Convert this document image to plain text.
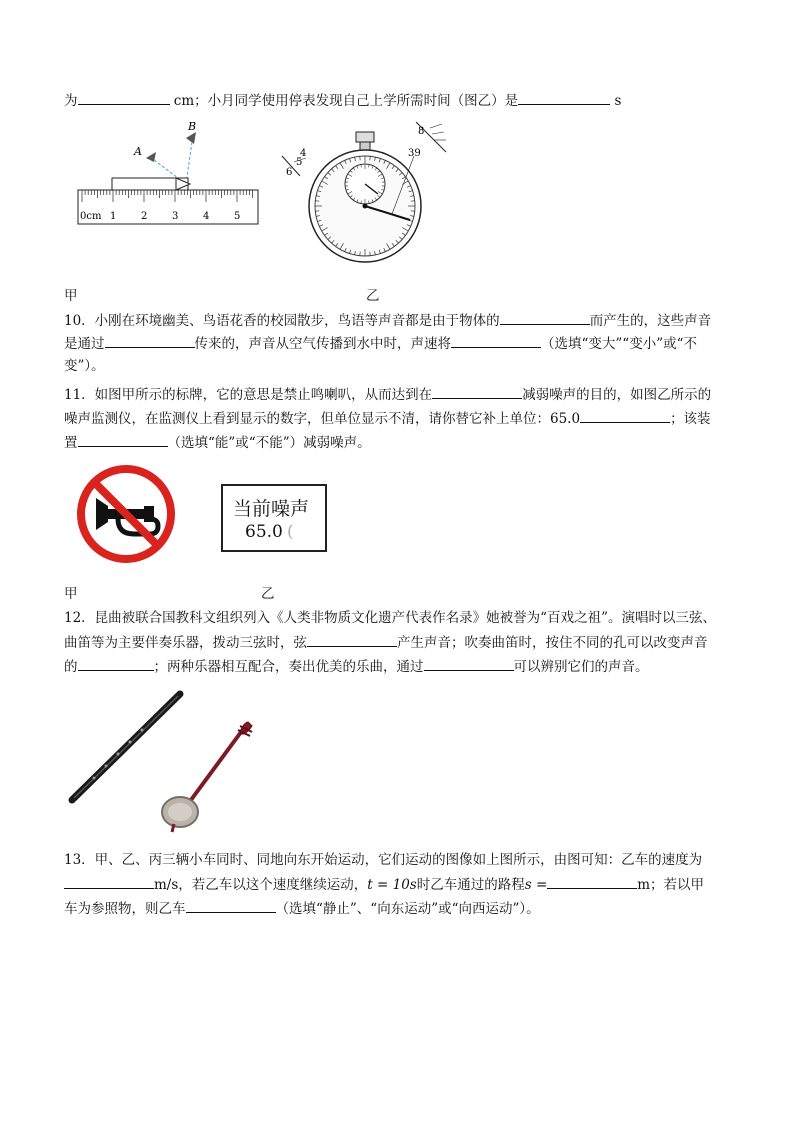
为	cm；小月同学使用停表发现自己上学所需时间（图乙）是	s
A
B
0cm 1 2 3 4 5
4
5
6
8
39
甲	乙
10．小刚在环境幽美、鸟语花香的校园散步，鸟语等声音都是由于物体的	而产生的，这些声音
是通过	传来的，声音从空气传播到水中时，声速将	（选填“变大”“变小”或“不
变”）。
11．如图甲所示的标牌，它的意思是禁止鸣喇叭，从而达到在	减弱噪声的目的，如图乙所示的
噪声监测仪，在监测仪上看到显示的数字，但单位显示不清，请你替它补上单位：65.0	；该装
置	（选填“能”或“不能”）减弱噪声。
当前噪声
65.0 (
甲	乙
12．昆曲被联合国教科文组织列入《人类非物质文化遗产代表作名录》她被誉为“百戏之祖”。演唱时以三弦、
曲笛等为主要伴奏乐器，拨动三弦时，弦	产生声音；吹奏曲笛时，按住不同的孔可以改变声音
的	；两种乐器相互配合，奏出优美的乐曲，通过	可以辨别它们的声音。
13．甲、乙、丙三辆小车同时、同地向东开始运动，它们运动的图像如上图所示，由图可知：乙车的速度为
m/s，若乙车以这个速度继续运动，t = 10s时乙车通过的路程s =	m；若以甲
车为参照物，则乙车	（选填“静止”、“向东运动”或“向西运动”）。
